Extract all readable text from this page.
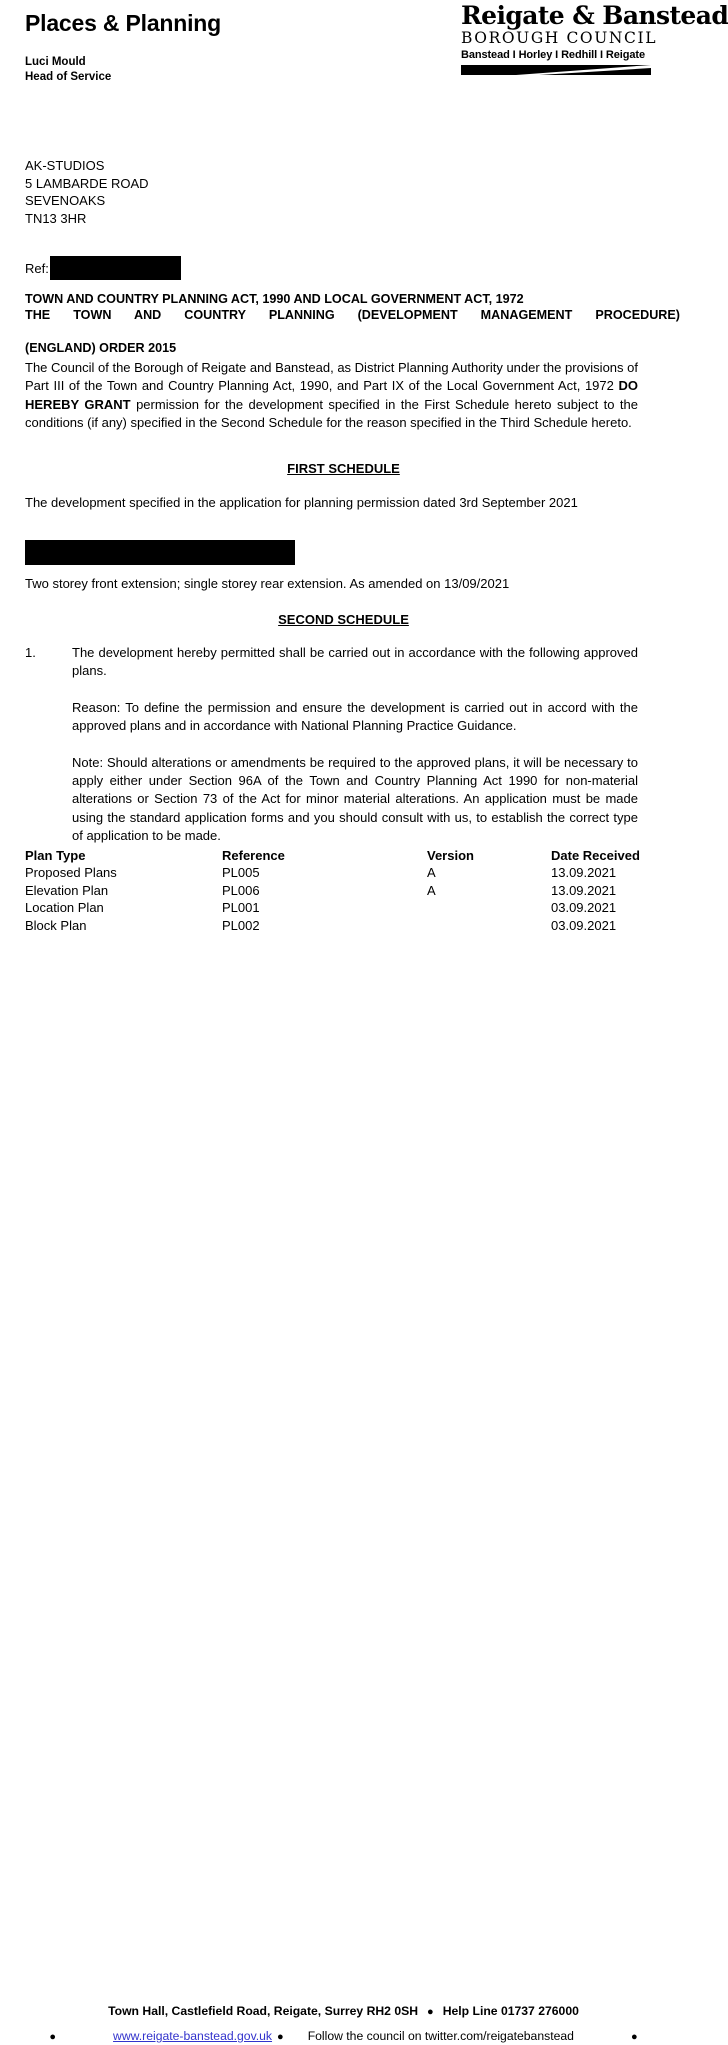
Places & Planning
Luci Mould
Head of Service
Reigate & Banstead
BOROUGH COUNCIL
Banstead I Horley I Redhill I Reigate
AK-STUDIOS
5 LAMBARDE ROAD
SEVENOAKS
TN13 3HR
Ref:
TOWN AND COUNTRY PLANNING ACT, 1990 AND LOCAL GOVERNMENT ACT, 1972
THE TOWN AND COUNTRY PLANNING (DEVELOPMENT MANAGEMENT PROCEDURE)
(ENGLAND) ORDER 2015
The Council of the Borough of Reigate and Banstead, as District Planning Authority under the provisions of Part III of the Town and Country Planning Act, 1990, and Part IX of the Local Government Act, 1972 DO HEREBY GRANT permission for the development specified in the First Schedule hereto subject to the conditions (if any) specified in the Second Schedule for the reason specified in the Third Schedule hereto.
FIRST SCHEDULE
The development specified in the application for planning permission dated 3rd September 2021
Two storey front extension; single storey rear extension. As amended on 13/09/2021
SECOND SCHEDULE
1.	The development hereby permitted shall be carried out in accordance with the following approved plans.

Reason: To define the permission and ensure the development is carried out in accord with the approved plans and in accordance with National Planning Practice Guidance.

Note: Should alterations or amendments be required to the approved plans, it will be necessary to apply either under Section 96A of the Town and Country Planning Act 1990 for non-material alterations or Section 73 of the Act for minor material alterations. An application must be made using the standard application forms and you should consult with us, to establish the correct type of application to be made.

Plan Type	Reference	Version	Date Received
Proposed Plans	PL005	A	13.09.2021
Elevation Plan	PL006	A	13.09.2021
Location Plan	PL001		03.09.2021
Block Plan	PL002		03.09.2021
Town Hall, Castlefield Road, Reigate, Surrey RH2 0SH ● Help Line 01737 276000
●	www.reigate-banstead.gov.uk ● Follow the council on twitter.com/reigatebanstead	●
